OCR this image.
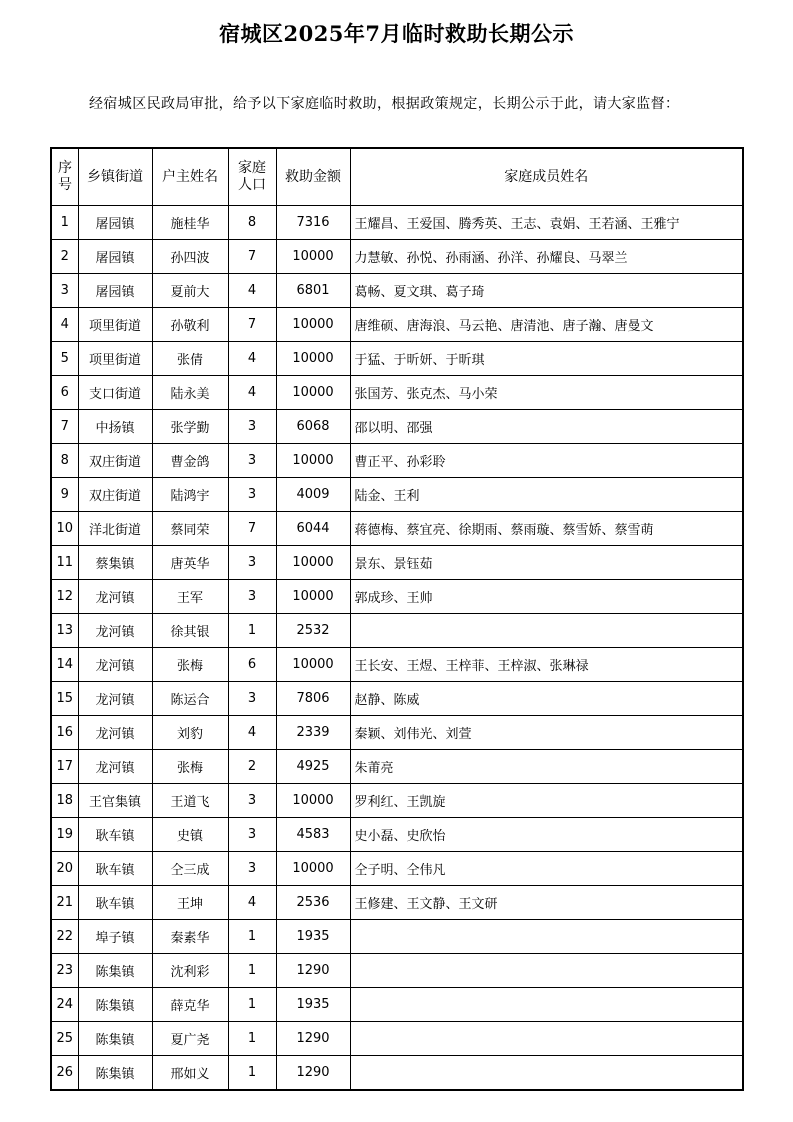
宿城区2025年7月临时救助长期公示
经宿城区民政局审批，给予以下家庭临时救助，根据政策规定，长期公示于此，请大家监督：
序号	乡镇街道	户主姓名	家庭人口	救助金额	家庭成员姓名
1	屠园镇	施桂华	8	7316	王耀昌、王爱国、腾秀英、王志、袁娟、王若涵、王雅宁
2	屠园镇	孙四波	7	10000	力慧敏、孙悦、孙雨涵、孙洋、孙耀良、马翠兰
3	屠园镇	夏前大	4	6801	葛畅、夏文琪、葛子琦
4	项里街道	孙敬利	7	10000	唐维硕、唐海浪、马云艳、唐清池、唐子瀚、唐曼文
5	项里街道	张倩	4	10000	于猛、于昕妍、于昕琪
6	支口街道	陆永美	4	10000	张国芳、张克杰、马小荣
7	中扬镇	张学勤	3	6068	邵以明、邵强
8	双庄街道	曹金鸽	3	10000	曹正平、孙彩聆
9	双庄街道	陆鸿宇	3	4009	陆金、王利
10	洋北街道	蔡同荣	7	6044	蒋德梅、蔡宜亮、徐期雨、蔡雨璇、蔡雪娇、蔡雪萌
11	蔡集镇	唐英华	3	10000	景东、景钰茹
12	龙河镇	王军	3	10000	郭成珍、王帅
13	龙河镇	徐其银	1	2532	
14	龙河镇	张梅	6	10000	王长安、王煜、王梓菲、王梓淑、张琳禄
15	龙河镇	陈运合	3	7806	赵静、陈威
16	龙河镇	刘豹	4	2339	秦颖、刘伟光、刘萱
17	龙河镇	张梅	2	4925	朱莆亮
18	王官集镇	王道飞	3	10000	罗利红、王凯旋
19	耿车镇	史镇	3	4583	史小磊、史欣怡
20	耿车镇	仝三成	3	10000	仝子明、仝伟凡
21	耿车镇	王坤	4	2536	王修建、王文静、王文研
22	埠子镇	秦素华	1	1935	
23	陈集镇	沈利彩	1	1290	
24	陈集镇	薛克华	1	1935	
25	陈集镇	夏广尧	1	1290	
26	陈集镇	邢如义	1	1290	
